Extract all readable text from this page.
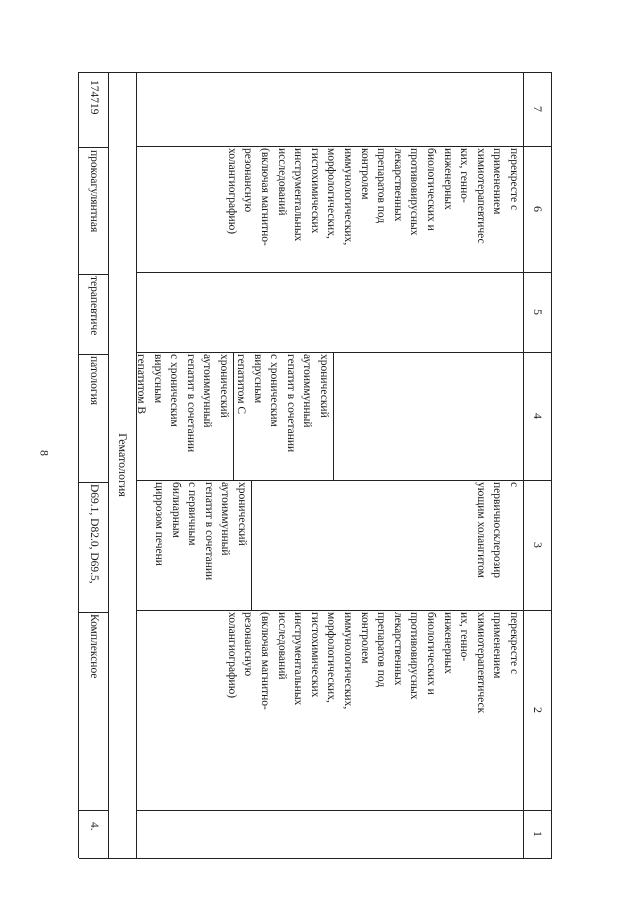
8
7
6
5
4
3
2
1
перекресте с
применением
химиотерапевтичес
ких, генно-
инженерных
биологических и
противовирусных
лекарственных
препаратов под
контролем
иммунологических,
морфологических,
гистохимических
инструментальных
исследований
(включая магнитно-
резонансную
холангиографию)
с
первичносклерозир
ующим холангитом
хронический
аутоиммунный
гепатит в сочетании
с первичным
билиарным
циррозом печени
хронический
аутоиммунный
гепатит в сочетании
с хроническим
вирусным
гепатитом С
хронический
аутоиммунный
гепатит в сочетании
с хроническим
вирусным
гепатитом В
перекресте с
применением
химиотерапевтическ
их, генно-
инженерных
биологических и
противовирусных
лекарственных
препаратов под
контролем
иммунологических,
морфологических,
гистохимических
инструментальных
исследований
(включая магнитно-
резонансную
холангиографию)
Гематология
174719
прокоагулянтная
терапевтиче
патология
D69.1, D82.0, D69.5,
Комплексное
4.
